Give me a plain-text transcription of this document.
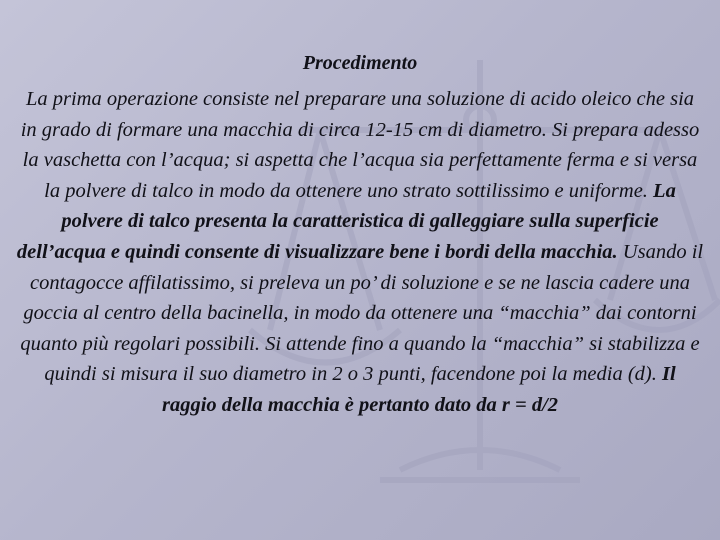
Procedimento

La prima operazione consiste nel preparare una soluzione di acido oleico che sia in grado di formare una macchia di circa 12-15 cm di diametro. Si prepara adesso la vaschetta con l’acqua; si aspetta che l’acqua sia perfettamente ferma e si versa la polvere di talco in modo da ottenere uno strato sottilissimo e uniforme. La polvere di talco presenta la caratteristica di galleggiare sulla superficie dell’acqua e quindi consente di visualizzare bene i bordi della macchia. Usando il contagocce affilatissimo, si preleva un po’ di soluzione e se ne lascia cadere una goccia al centro della bacinella, in modo da ottenere una “macchia” dai contorni quanto più regolari possibili. Si attende fino a quando la “macchia” si stabilizza e quindi si misura il suo diametro in 2 o 3 punti, facendone poi la media (d). Il raggio della macchia è pertanto dato da r = d/2
